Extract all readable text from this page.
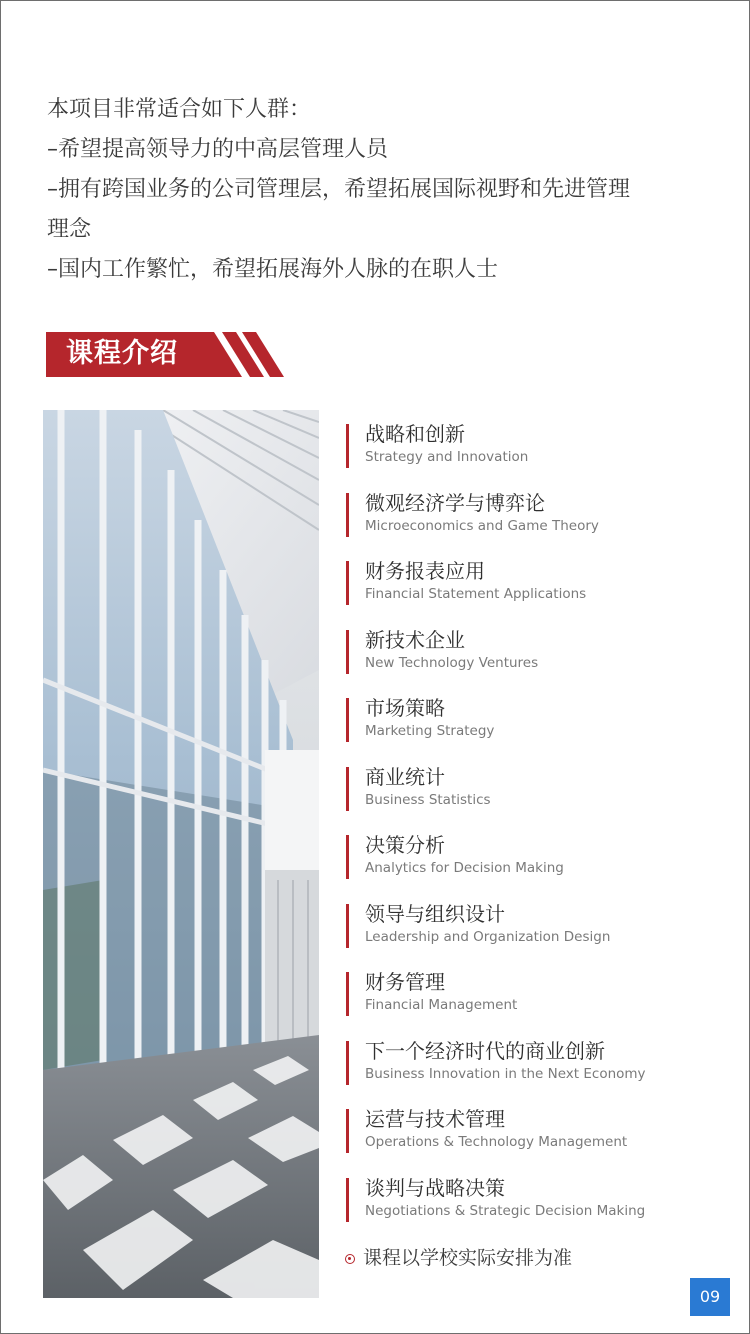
本项目非常适合如下人群：
–希望提高领导力的中高层管理人员
–拥有跨国业务的公司管理层，希望拓展国际视野和先进管理
理念
–国内工作繁忙，希望拓展海外人脉的在职人士
课程介绍
战略和创新
Strategy and Innovation
微观经济学与博弈论
Microeconomics and Game Theory
财务报表应用
Financial Statement Applications
新技术企业
New Technology Ventures
市场策略
Marketing Strategy
商业统计
Business Statistics
决策分析
Analytics for Decision Making
领导与组织设计
Leadership and Organization Design
财务管理
Financial Management
下一个经济时代的商业创新
Business Innovation in the Next Economy
运营与技术管理
Operations & Technology Management
谈判与战略决策
Negotiations & Strategic Decision Making
课程以学校实际安排为准
09
